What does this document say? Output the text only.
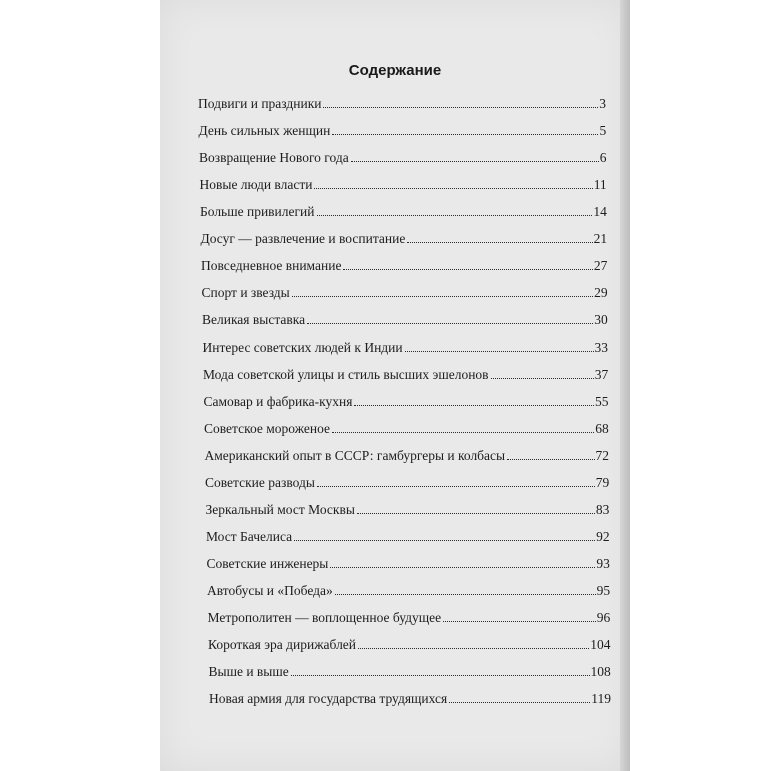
Содержание
Подвиги и праздники	3
День сильных женщин	5
Возвращение Нового года	6
Новые люди власти	11
Больше привилегий	14
Досуг — развлечение и воспитание	21
Повседневное внимание	27
Спорт и звезды	29
Великая выставка	30
Интерес советских людей к Индии	33
Мода советской улицы и стиль высших эшелонов	37
Самовар и фабрика-кухня	55
Советское мороженое	68
Американский опыт в СССР: гамбургеры и колбасы	72
Советские разводы	79
Зеркальный мост Москвы	83
Мост Бачелиса	92
Советские инженеры	93
Автобусы и «Победа»	95
Метрополитен — воплощенное будущее	96
Короткая эра дирижаблей	104
Выше и выше	108
Новая армия для государства трудящихся	119
